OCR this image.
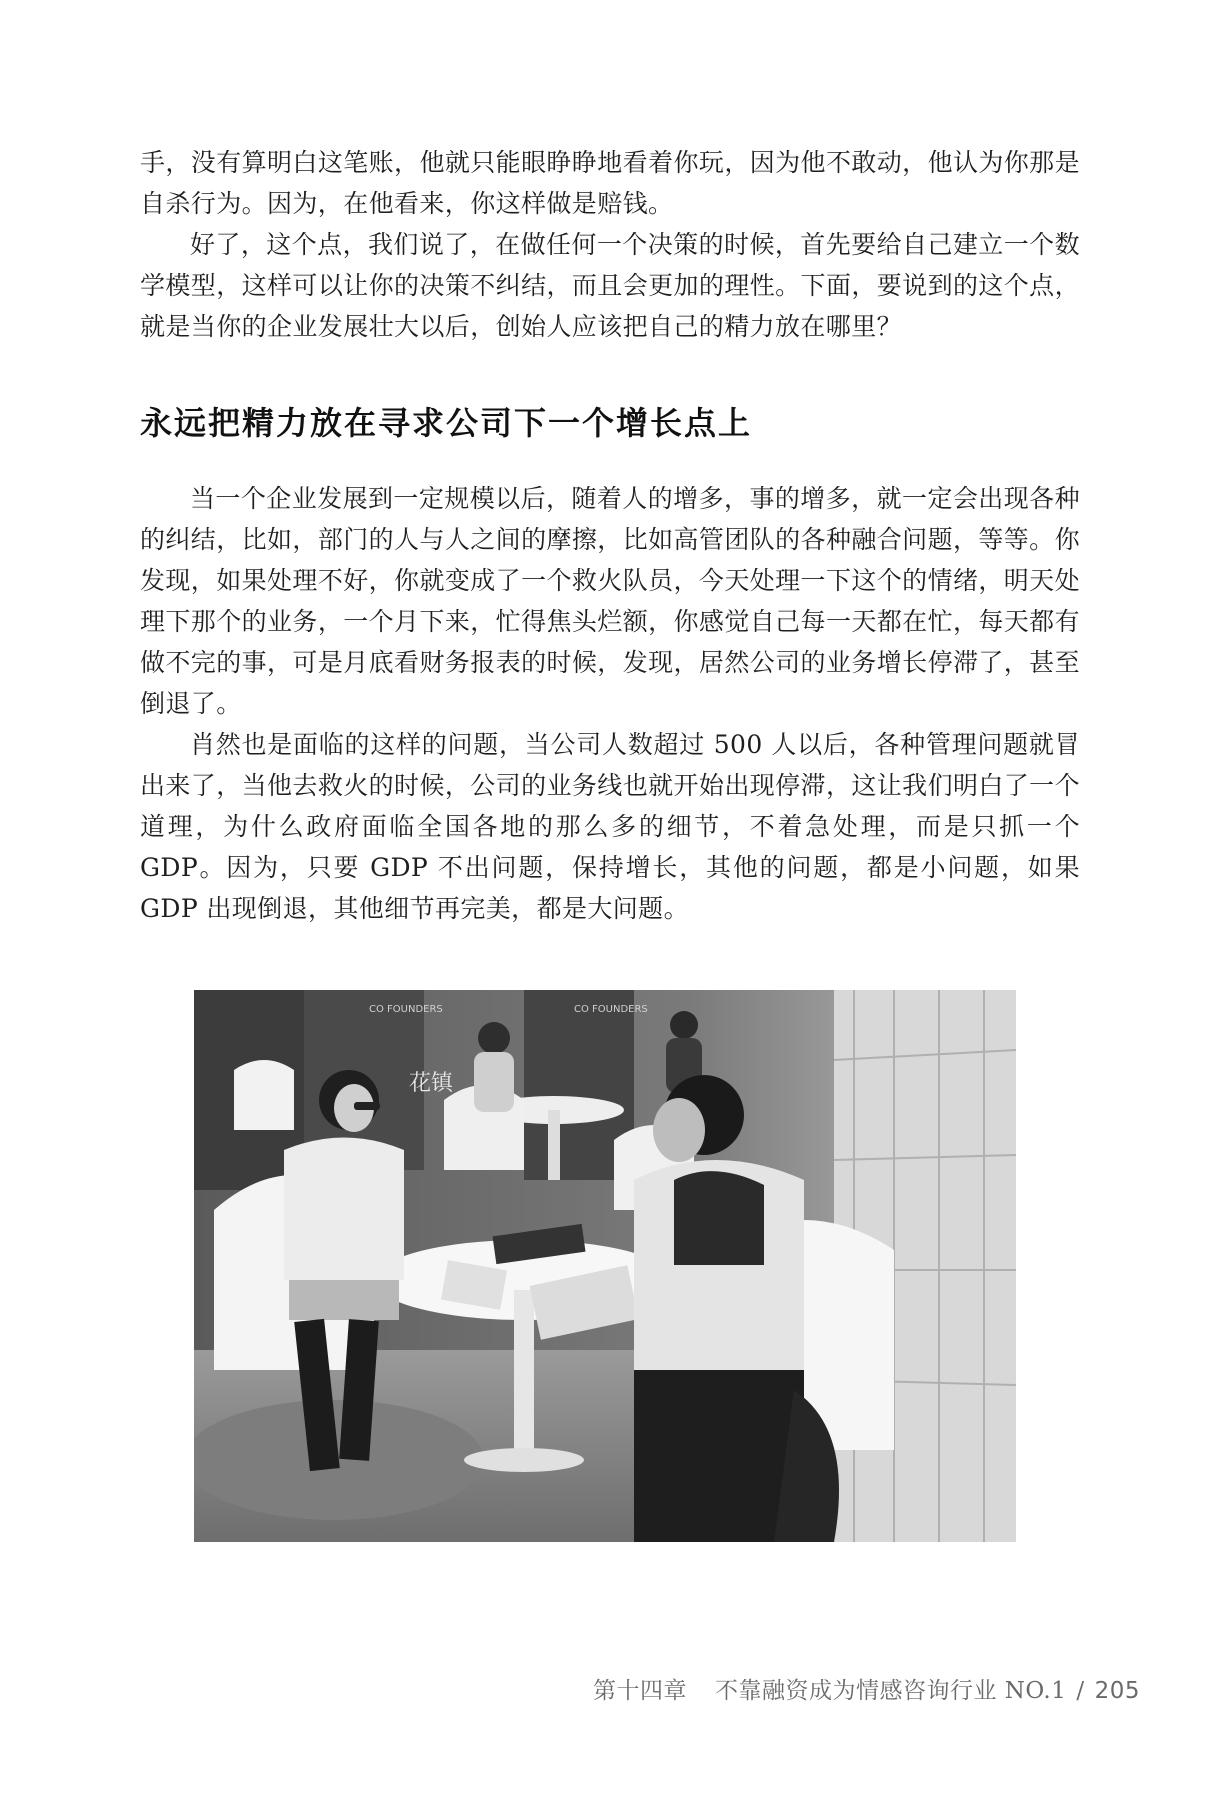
手，没有算明白这笔账，他就只能眼睁睁地看着你玩，因为他不敢动，他认为你那是自杀行为。因为，在他看来，你这样做是赔钱。

好了，这个点，我们说了，在做任何一个决策的时候，首先要给自己建立一个数学模型，这样可以让你的决策不纠结，而且会更加的理性。下面，要说到的这个点，就是当你的企业发展壮大以后，创始人应该把自己的精力放在哪里？

永远把精力放在寻求公司下一个增长点上

当一个企业发展到一定规模以后，随着人的增多，事的增多，就一定会出现各种的纠结，比如，部门的人与人之间的摩擦，比如高管团队的各种融合问题，等等。你发现，如果处理不好，你就变成了一个救火队员，今天处理一下这个的情绪，明天处理下那个的业务，一个月下来，忙得焦头烂额，你感觉自己每一天都在忙，每天都有做不完的事，可是月底看财务报表的时候，发现，居然公司的业务增长停滞了，甚至倒退了。

肖然也是面临的这样的问题，当公司人数超过 500 人以后，各种管理问题就冒出来了，当他去救火的时候，公司的业务线也就开始出现停滞，这让我们明白了一个道理，为什么政府面临全国各地的那么多的细节，不着急处理，而是只抓一个 GDP。因为，只要 GDP 不出问题，保持增长，其他的问题，都是小问题，如果 GDP 出现倒退，其他细节再完美，都是大问题。

CO FOUNDERS	CO FOUNDERS
花镇
第十四章 不靠融资成为情感咨询行业 NO.1 / 205
